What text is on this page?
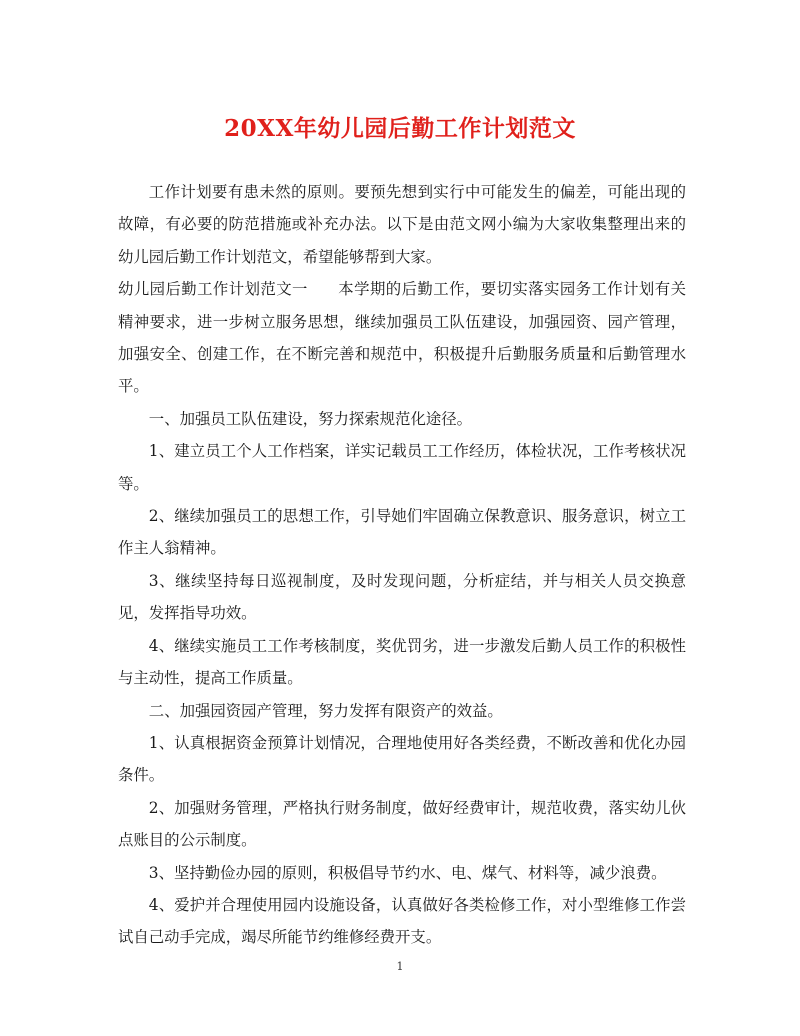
20XX年幼儿园后勤工作计划范文

工作计划要有患未然的原则。要预先想到实行中可能发生的偏差，可能出现的故障，有必要的防范措施或补充办法。以下是由范文网小编为大家收集整理出来的幼儿园后勤工作计划范文，希望能够帮到大家。

幼儿园后勤工作计划范文一 本学期的后勤工作，要切实落实园务工作计划有关精神要求，进一步树立服务思想，继续加强员工队伍建设，加强园资、园产管理，加强安全、创建工作，在不断完善和规范中，积极提升后勤服务质量和后勤管理水平。

一、加强员工队伍建设，努力探索规范化途径。

1、建立员工个人工作档案，详实记载员工工作经历，体检状况，工作考核状况等。

2、继续加强员工的思想工作，引导她们牢固确立保教意识、服务意识，树立工作主人翁精神。

3、继续坚持每日巡视制度，及时发现问题，分析症结，并与相关人员交换意见，发挥指导功效。

4、继续实施员工工作考核制度，奖优罚劣，进一步激发后勤人员工作的积极性与主动性，提高工作质量。

二、加强园资园产管理，努力发挥有限资产的效益。

1、认真根据资金预算计划情况，合理地使用好各类经费，不断改善和优化办园条件。

2、加强财务管理，严格执行财务制度，做好经费审计，规范收费，落实幼儿伙点账目的公示制度。

3、坚持勤俭办园的原则，积极倡导节约水、电、煤气、材料等，减少浪费。

4、爱护并合理使用园内设施设备，认真做好各类检修工作，对小型维修工作尝试自己动手完成，竭尽所能节约维修经费开支。

1
